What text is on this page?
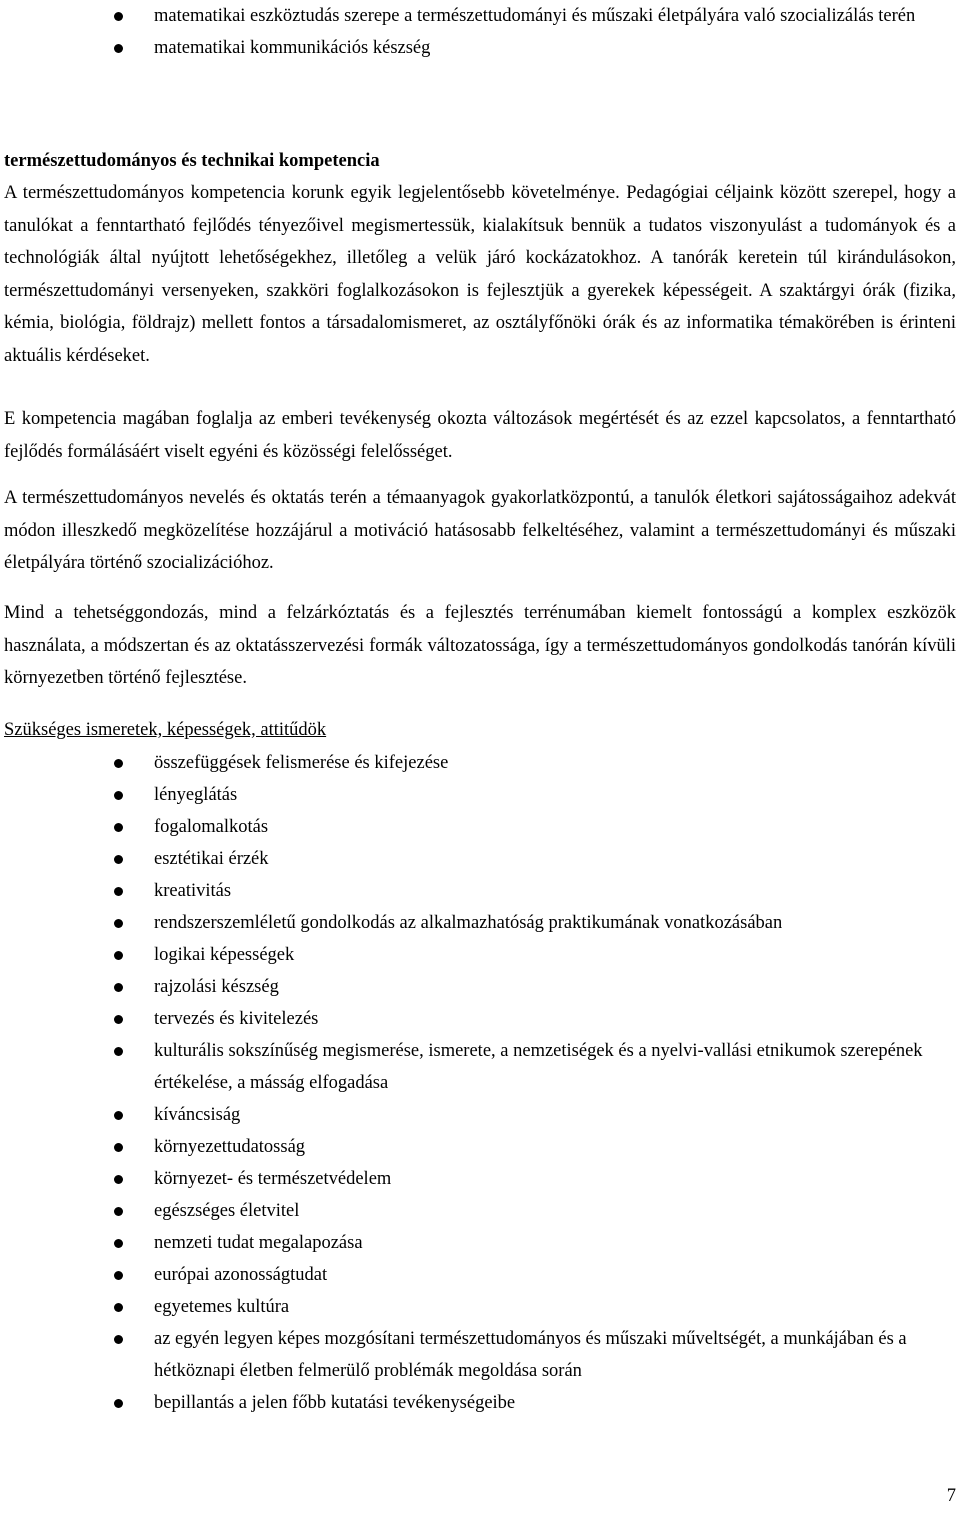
matematikai eszköztudás szerepe a természettudományi és műszaki életpályára való szocializálás terén
matematikai kommunikációs készség
természettudományos és technikai kompetencia

A természettudományos kompetencia korunk egyik legjelentősebb követelménye. Pedagógiai céljaink között szerepel, hogy a tanulókat a fenntartható fejlődés tényezőivel megismertessük, kialakítsuk bennük a tudatos viszonyulást a tudományok és a technológiák által nyújtott lehetőségekhez, illetőleg a velük járó kockázatokhoz. A tanórák keretein túl kirándulásokon, természettudományi versenyeken, szakköri foglalkozásokon is fejlesztjük a gyerekek képességeit. A szaktárgyi órák (fizika, kémia, biológia, földrajz) mellett fontos a társadalomismeret, az osztályfőnöki órák és az informatika témakörében is érinteni aktuális kérdéseket.

E kompetencia magában foglalja az emberi tevékenység okozta változások megértését és az ezzel kapcsolatos, a fenntartható fejlődés formálásáért viselt egyéni és közösségi felelősséget.

A természettudományos nevelés és oktatás terén a témaanyagok gyakorlatközpontú, a tanulók életkori sajátosságaihoz adekvát módon illeszkedő megközelítése hozzájárul a motiváció hatásosabb felkeltéséhez, valamint a természettudományi és műszaki életpályára történő szocializációhoz.

Mind a tehetséggondozás, mind a felzárkóztatás és a fejlesztés terrénumában kiemelt fontosságú a komplex eszközök használata, a módszertan és az oktatásszervezési formák változatossága, így a természettudományos gondolkodás tanórán kívüli környezetben történő fejlesztése.

Szükséges ismeretek, képességek, attitűdök
összefüggések felismerése és kifejezése
lényeglátás
fogalomalkotás
esztétikai érzék
kreativitás
rendszerszemléletű gondolkodás az alkalmazhatóság praktikumának vonatkozásában
logikai képességek
rajzolási készség
tervezés és kivitelezés
kulturális sokszínűség megismerése, ismerete, a nemzetiségek és a nyelvi-vallási etnikumok szerepének értékelése, a másság elfogadása
kíváncsiság
környezettudatosság
környezet- és természetvédelem
egészséges életvitel
nemzeti tudat megalapozása
európai azonosságtudat
egyetemes kultúra
az egyén legyen képes mozgósítani természettudományos és műszaki műveltségét, a munkájában és a hétköznapi életben felmerülő problémák megoldása során
bepillantás a jelen főbb kutatási tevékenységeibe
7
